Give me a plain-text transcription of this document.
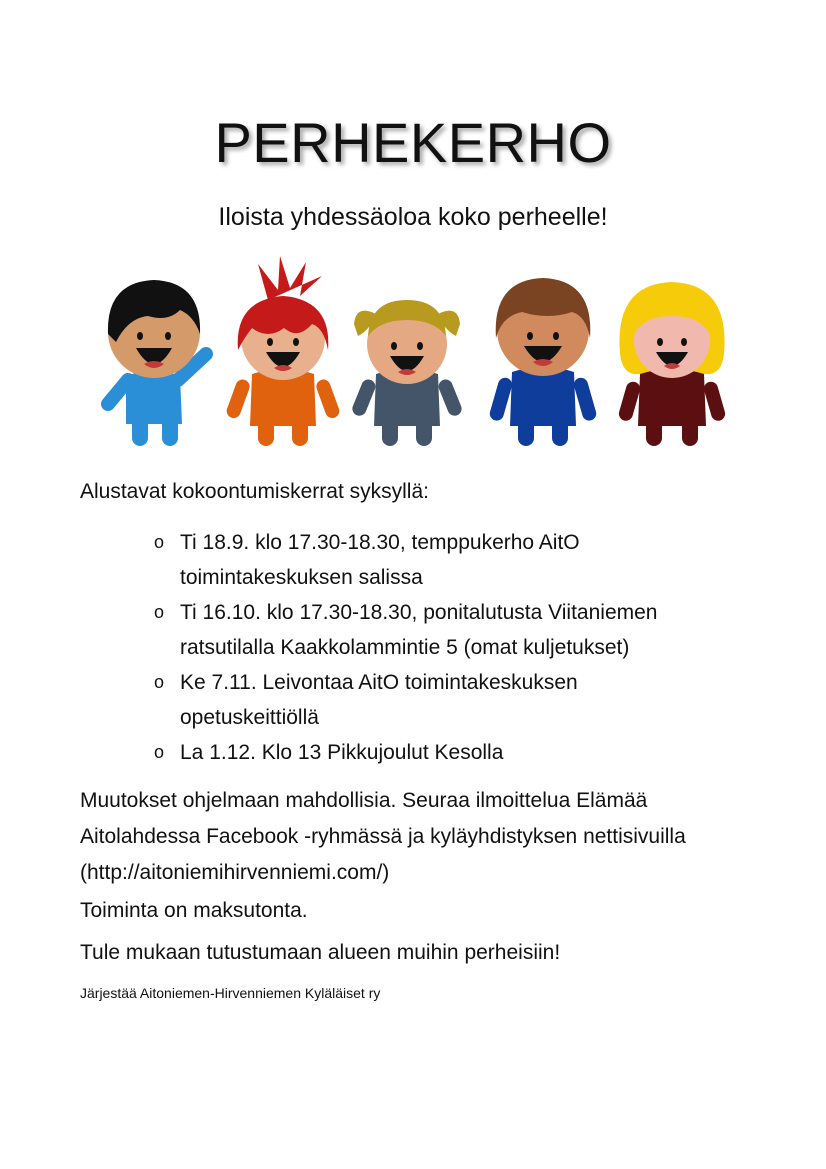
PERHEKERHO

Iloista yhdessäoloa koko perheelle!

Alustavat kokoontumiskerrat syksyllä:

o Ti 18.9. klo 17.30-18.30, temppukerho AitO
toimintakeskuksen salissa
o Ti 16.10. klo 17.30-18.30, ponitalutusta Viitaniemen
ratsutilalla Kaakkolammintie 5 (omat kuljetukset)
o Ke 7.11. Leivontaa AitO toimintakeskuksen
opetuskeittiöllä
o La 1.12. Klo 13 Pikkujoulut Kesolla

Muutokset ohjelmaan mahdollisia. Seuraa ilmoittelua Elämää
Aitolahdessa Facebook -ryhmässä ja kyläyhdistyksen nettisivuilla
(http://aitoniemihirvenniemi.com/)

Toiminta on maksutonta.

Tule mukaan tutustumaan alueen muihin perheisiin!

Järjestää Aitoniemen-Hirvenniemen Kyläläiset ry
